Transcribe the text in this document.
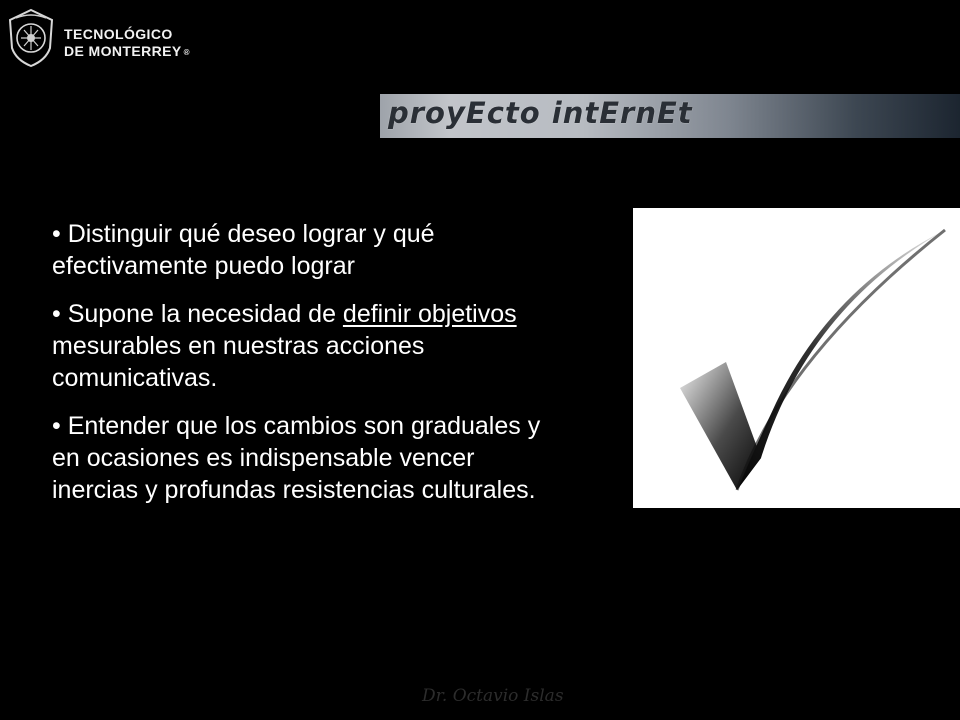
TECNOLÓGICO
DE MONTERREY ®
proyEcto intErnEt
• Distinguir qué deseo lograr y qué efectivamente puedo lograr
• Supone la necesidad de definir objetivos mesurables en nuestras acciones comunicativas.
• Entender que los cambios son graduales y en ocasiones es indispensable vencer inercias y profundas resistencias culturales.
Dr. Octavio Islas
